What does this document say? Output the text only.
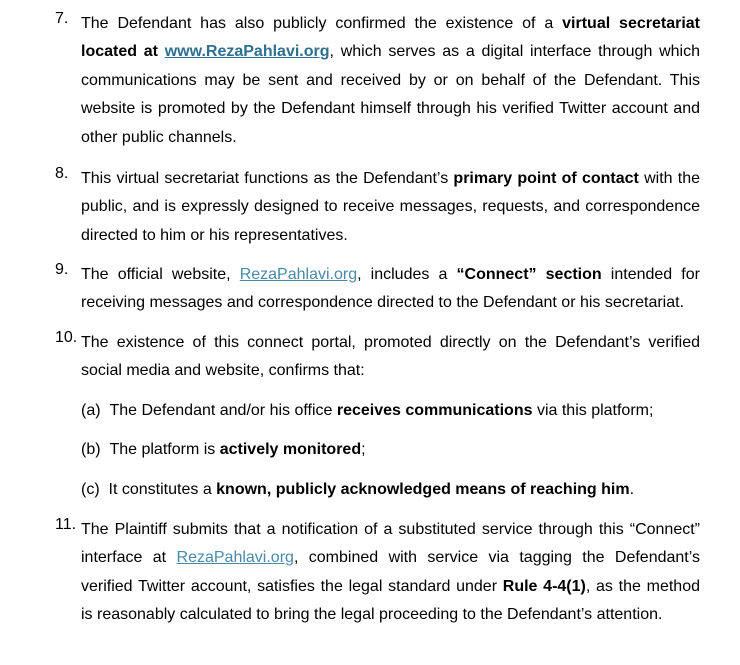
7. The Defendant has also publicly confirmed the existence of a virtual secretariat located at www.RezaPahlavi.org, which serves as a digital interface through which communications may be sent and received by or on behalf of the Defendant. This website is promoted by the Defendant himself through his verified Twitter account and other public channels.
8. This virtual secretariat functions as the Defendant’s primary point of contact with the public, and is expressly designed to receive messages, requests, and correspondence directed to him or his representatives.
9. The official website, RezaPahlavi.org, includes a “Connect” section intended for receiving messages and correspondence directed to the Defendant or his secretariat.
10. The existence of this connect portal, promoted directly on the Defendant’s verified social media and website, confirms that:
(a) The Defendant and/or his office receives communications via this platform;
(b) The platform is actively monitored;
(c) It constitutes a known, publicly acknowledged means of reaching him.
11. The Plaintiff submits that a notification of a substituted service through this “Connect” interface at RezaPahlavi.org, combined with service via tagging the Defendant’s verified Twitter account, satisfies the legal standard under Rule 4-4(1), as the method is reasonably calculated to bring the legal proceeding to the Defendant’s attention.
